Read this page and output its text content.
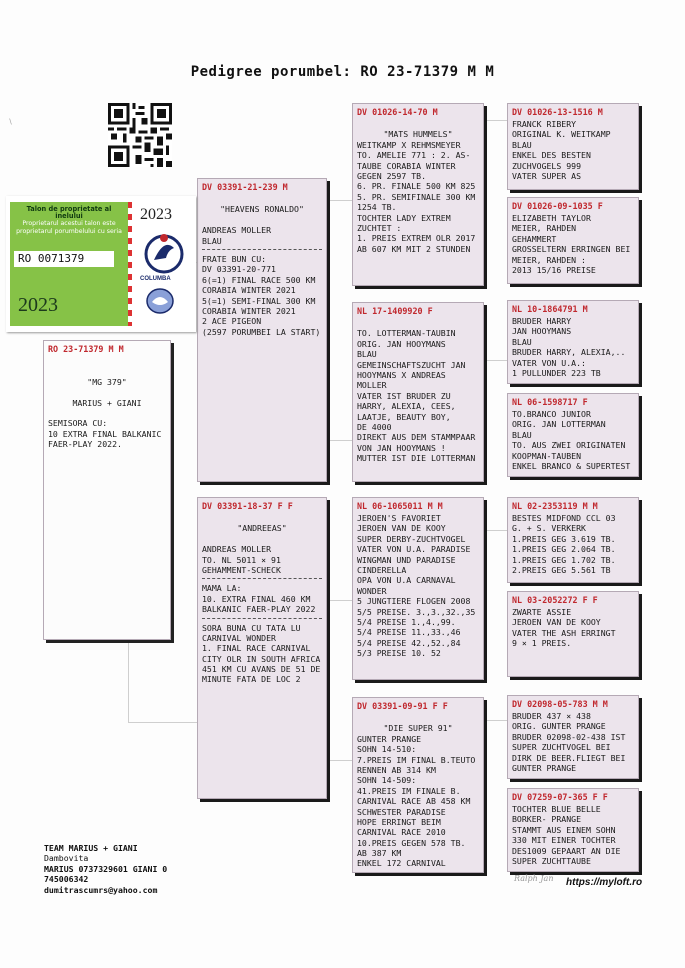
Pedigree porumbel: RO 23-71379 M M
∖
RO 23-71379 M M
"MG 379"
MARIUS + GIANI
SEMISORA CU:
10 EXTRA FINAL BALKANIC
FAER-PLAY 2022.
DV 03391-21-239 M
"HEAVENS RONALDO"
ANDREAS MOLLER
BLAU
FRATE BUN CU:
DV 03391-20-771
6(=1) FINAL RACE 500 KM
CORABIA WINTER 2021
5(=1) SEMI-FINAL 300 KM
CORABIA WINTER 2021
2 ACE PIGEON
(2597 PORUMBEI LA START)
DV 03391-18-37 F F
"ANDREEAS"
ANDREAS MOLLER
TO. NL 5011 × 91
GEHAMMENT-SCHECK
MAMA LA:
10. EXTRA FINAL 460 KM
BALKANIC FAER-PLAY 2022
SORA BUNA CU TATA LU
CARNIVAL WONDER
1. FINAL RACE CARNIVAL
CITY OLR IN SOUTH AFRICA
451 KM CU AVANS DE 51 DE
MINUTE FATA DE LOC 2
DV 01026-14-70 M
"MATS HUMMELS"
WEITKAMP X REHMSMEYER
TO. AMELIE 771 : 2. AS-
TAUBE CORABIA WINTER
GEGEN 2597 TB.
6. PR. FINALE 500 KM 825
5. PR. SEMIFINALE 300 KM
1254 TB.
TOCHTER LADY EXTREM
ZUCHTET :
1. PREIS EXTREM OLR 2017
AB 607 KM MIT 2 STUNDEN
NL 17-1409920 F
TO. LOTTERMAN-TAUBIN
ORIG. JAN HOOYMANS
BLAU
GEMEINSCHAFTSZUCHT JAN
HOOYMANS X ANDREAS
MOLLER
VATER IST BRUDER ZU
HARRY, ALEXIA, CEES,
LAATJE, BEAUTY BOY,
DE 4000
DIREKT AUS DEM STAMMPAAR
VON JAN HOOYMANS !
MUTTER IST DIE LOTTERMAN
NL 06-1065011 M M
JEROEN'S FAVORIET
JEROEN VAN DE KOOY
SUPER DERBY-ZUCHTVOGEL
VATER VON U.A. PARADISE
WINGMAN UND PARADISE
CINDERELLA
OPA VON U.A CARNAVAL
WONDER
5 JUNGTIERE FLOGEN 2008
5/5 PREISE. 3.,3.,32.,35
5/4 PREISE 1.,4.,99.
5/4 PREISE 11.,33.,46
5/4 PREISE 42.,52.,84
5/3 PREISE 10. 52
DV 03391-09-91 F F
"DIE SUPER 91"
GUNTER PRANGE
SOHN 14-510:
7.PREIS IM FINAL B.TEUTO
RENNEN AB 314 KM
SOHN 14-509:
41.PREIS IM FINALE B.
CARNIVAL RACE AB 458 KM
SCHWESTER PARADISE
HOPE ERRINGT BEIM
CARNIVAL RACE 2010
10.PREIS GEGEN 578 TB.
AB 387 KM
ENKEL 172 CARNIVAL
DV 01026-13-1516 M
FRANCK RIBERY
ORIGINAL K. WEITKAMP
BLAU
ENKEL DES BESTEN
ZUCHVOGELS 999
VATER SUPER AS
DV 01026-09-1035 F
ELIZABETH TAYLOR
MEIER, RAHDEN
GEHAMMERT
GROSSELTERN ERRINGEN BEI
MEIER, RAHDEN :
2013 15/16 PREISE
NL 10-1864791 M
BRUDER HARRY
JAN HOOYMANS
BLAU
BRUDER HARRY, ALEXIA,..
VATER VON U.A.:
1 PULLUNDER 223 TB
NL 06-1598717 F
TO.BRANCO JUNIOR
ORIG. JAN LOTTERMAN
BLAU
TO. AUS ZWEI ORIGINATEN
KOOPMAN-TAUBEN
ENKEL BRANCO & SUPERTEST
NL 02-2353119 M M
BESTES MIDFOND CCL 03
G. + S. VERKERK
1.PREIS GEG 3.619 TB.
1.PREIS GEG 2.064 TB.
1.PREIS GEG 1.702 TB.
2.PREIS GEG 5.561 TB
NL 03-2052272 F F
ZWARTE ASSIE
JEROEN VAN DE KOOY
VATER THE ASH ERRINGT
9 × 1 PREIS.
DV 02098-05-783 M M
BRUDER 437 × 438
ORIG. GUNTER PRANGE
BRUDER 02098-02-438 IST
SUPER ZUCHTVOGEL BEI
DIRK DE BEER.FLIEGT BEI
GUNTER PRANGE
DV 07259-07-365 F F
TOCHTER BLUE BELLE
BORKER- PRANGE
STAMMT AUS EINEM SOHN
330 MIT EINER TOCHTER
DES1009 GEPAART AN DIE
SUPER ZUCHTTAUBE
Talon de proprietate al inelului
Proprietarul acestui talon este proprietarul porumbelului cu seria
RO 0071379
2023
2023
COLUMBA
TEAM MARIUS + GIANI
Dambovita
MARIUS 0737329601 GIANI 0
745006342
dumitrascumrs@yahoo.com
Ralph Jan https://myloft.ro
